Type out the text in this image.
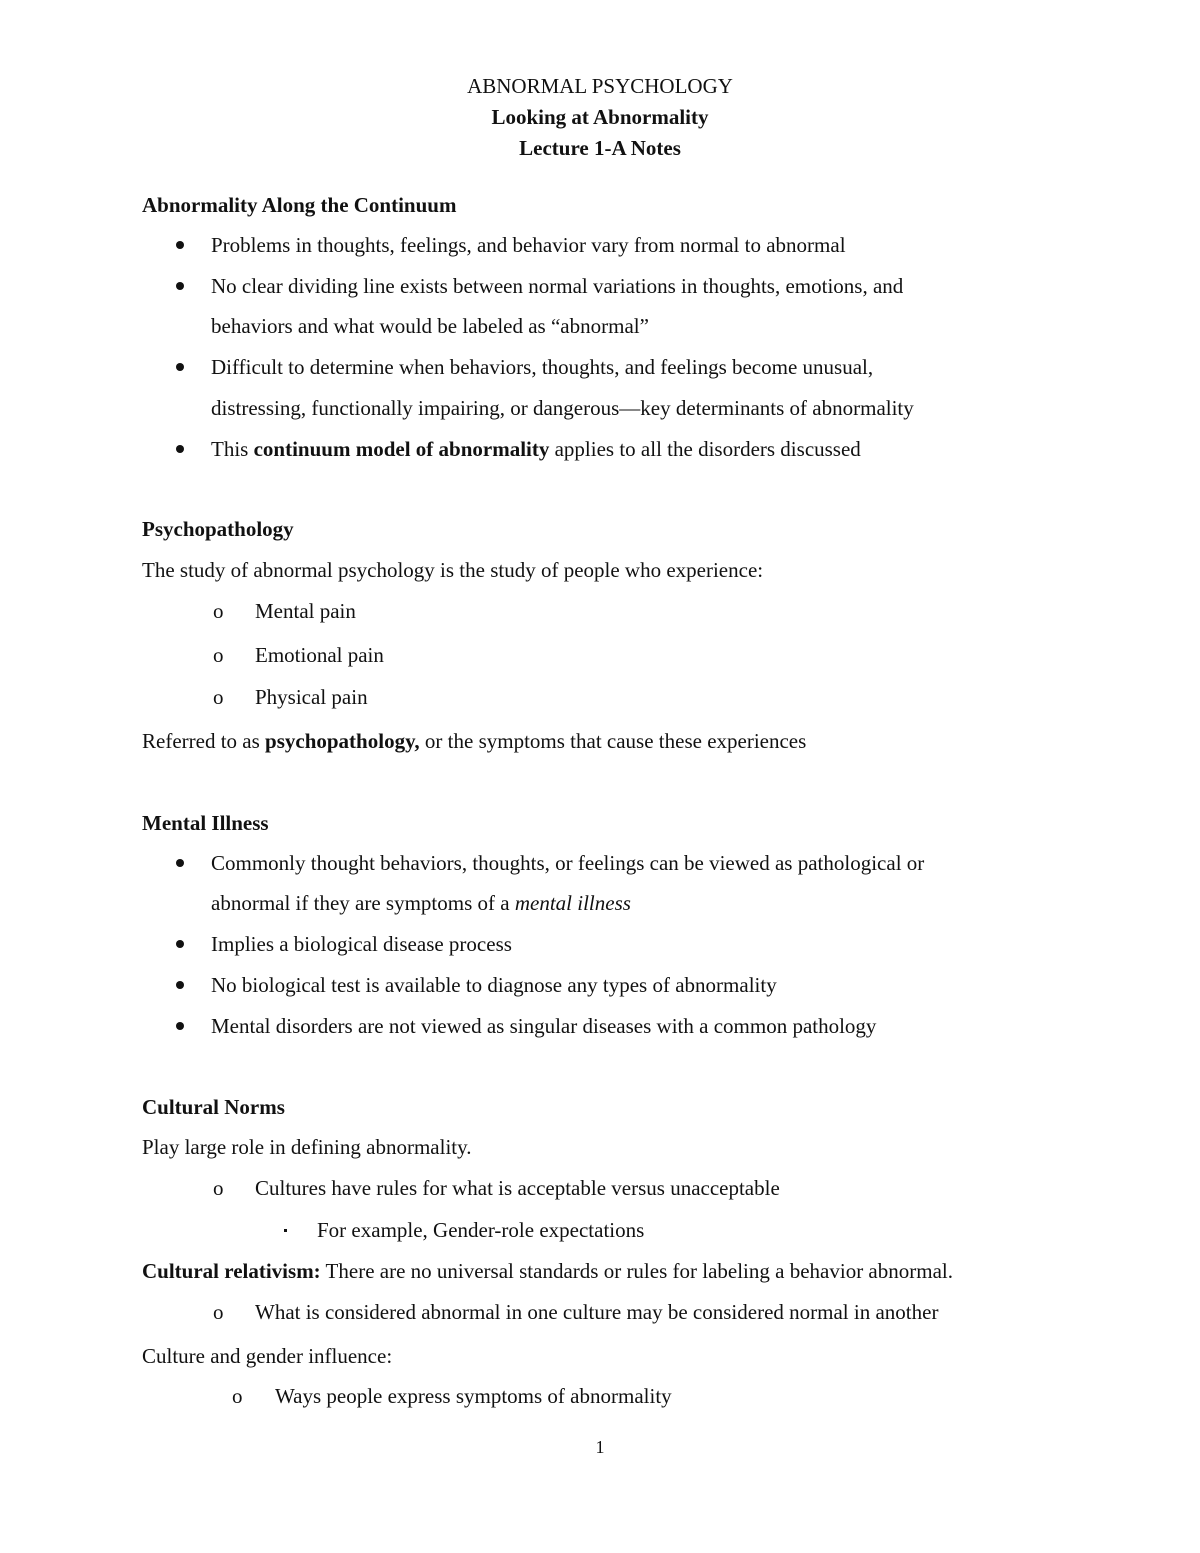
ABNORMAL PSYCHOLOGY
Looking at Abnormality
Lecture 1-A Notes
Abnormality Along the Continuum
Problems in thoughts, feelings, and behavior vary from normal to abnormal
No clear dividing line exists between normal variations in thoughts, emotions, and
behaviors and what would be labeled as “abnormal”
Difficult to determine when behaviors, thoughts, and feelings become unusual,
distressing, functionally impairing, or dangerous—key determinants of abnormality
This continuum model of abnormality applies to all the disorders discussed
Psychopathology
The study of abnormal psychology is the study of people who experience:
o Mental pain
o Emotional pain
o Physical pain
Referred to as psychopathology, or the symptoms that cause these experiences
Mental Illness
Commonly thought behaviors, thoughts, or feelings can be viewed as pathological or
abnormal if they are symptoms of a mental illness
Implies a biological disease process
No biological test is available to diagnose any types of abnormality
Mental disorders are not viewed as singular diseases with a common pathology
Cultural Norms
Play large role in defining abnormality.
o Cultures have rules for what is acceptable versus unacceptable
For example, Gender-role expectations
Cultural relativism: There are no universal standards or rules for labeling a behavior abnormal.
o What is considered abnormal in one culture may be considered normal in another
Culture and gender influence:
o Ways people express symptoms of abnormality
1
